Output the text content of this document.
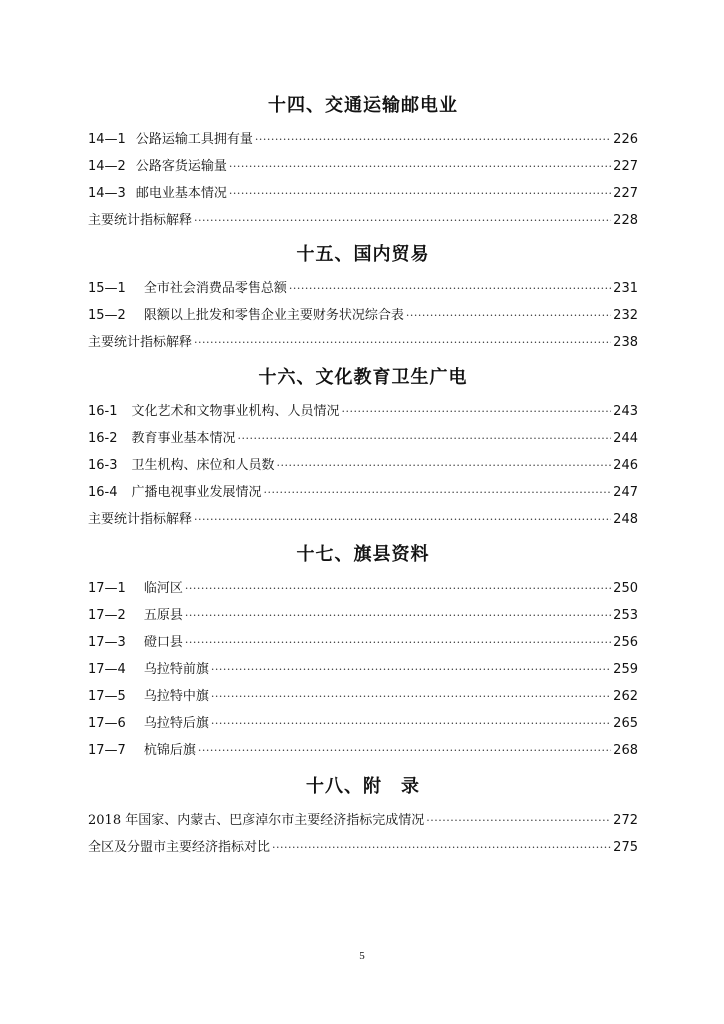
十四、交通运输邮电业
14—1 公路运输工具拥有量 ·····	226
14—2 公路客货运输量 ·····	227
14—3 邮电业基本情况 ·····	227
主要统计指标解释 ·····	228
十五、国内贸易
15—1	全市社会消费品零售总额 ·····	231
15—2	限额以上批发和零售企业主要财务状况综合表 ·····	232
主要统计指标解释 ·····	238
十六、文化教育卫生广电
16-1	文化艺术和文物事业机构、人员情况 ·····	243
16-2	教育事业基本情况 ·····	244
16-3	卫生机构、床位和人员数 ·····	246
16-4	广播电视事业发展情况 ·····	247
主要统计指标解释 ·····	248
十七、旗县资料
17—1	临河区 ·····	250
17—2	五原县 ·····	253
17—3	磴口县 ·····	256
17—4	乌拉特前旗 ·····	259
17—5	乌拉特中旗 ·····	262
17—6	乌拉特后旗 ·····	265
17—7	杭锦后旗 ·····	268
十八、附　录
2018 年国家、内蒙古、巴彦淖尔市主要经济指标完成情况 ·····	272
全区及分盟市主要经济指标对比 ·····	275
5
